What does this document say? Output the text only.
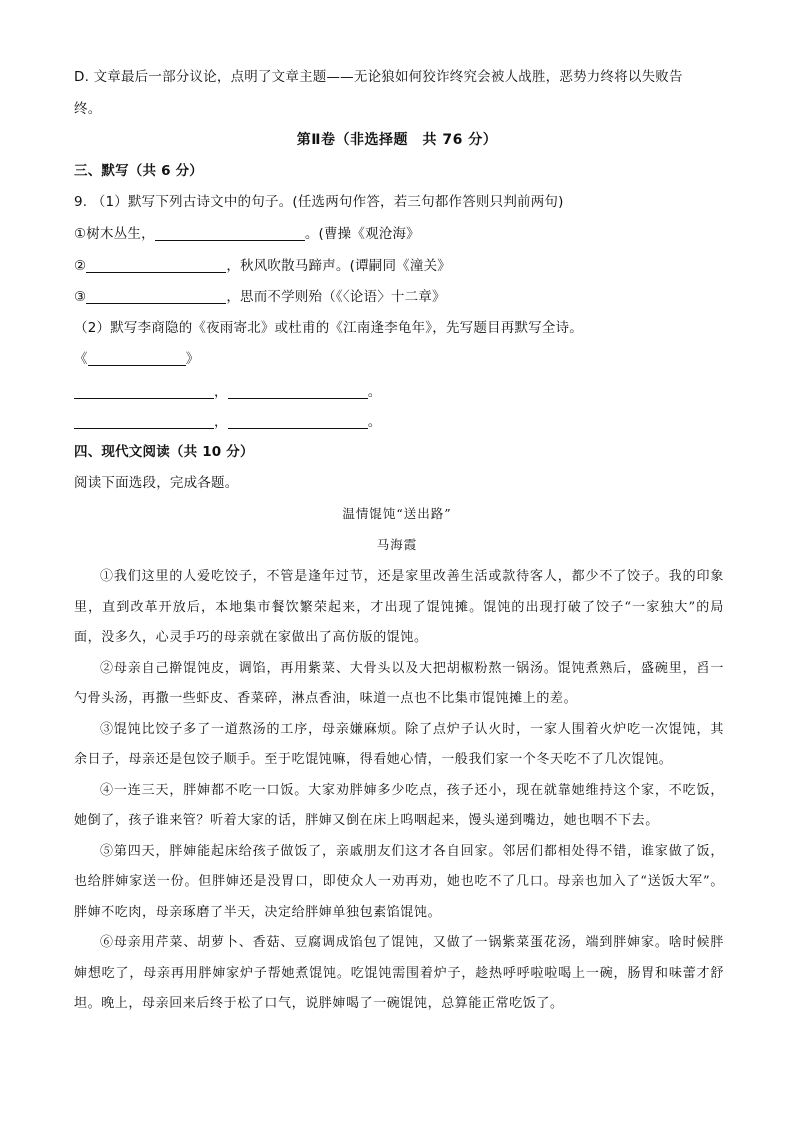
D. 文章最后一部分议论，点明了文章主题——无论狼如何狡诈终究会被人战胜，恶势力终将以失败告
终。
第Ⅱ卷（非选择题　共 76 分）
三、默写（共 6 分）
9. （1）默写下列古诗文中的句子。(任选两句作答，若三句都作答则只判前两句)
①树木丛生，	。(曹操《观沧海》
②	，秋风吹散马蹄声。(谭嗣同《潼关》
③	，思而不学则殆（《〈论语〉十二章》
（2）默写李商隐的《夜雨寄北》或杜甫的《江南逢李龟年》，先写题目再默写全诗。
《	》
，	。
，	。
四、现代文阅读（共 10 分）
阅读下面选段，完成各题。
温情馄饨“送出路”
马海霞

①我们这里的人爱吃饺子，不管是逢年过节，还是家里改善生活或款待客人，都少不了饺子。我的印象里，直到改革开放后，本地集市餐饮繁荣起来，才出现了馄饨摊。馄饨的出现打破了饺子“一家独大”的局面，没多久，心灵手巧的母亲就在家做出了高仿版的馄饨。

②母亲自己擀馄饨皮，调馅，再用紫菜、大骨头以及大把胡椒粉熬一锅汤。馄饨煮熟后，盛碗里，舀一勺骨头汤，再撒一些虾皮、香菜碎，淋点香油，味道一点也不比集市馄饨摊上的差。

③馄饨比饺子多了一道熬汤的工序，母亲嫌麻烦。除了点炉子认火时，一家人围着火炉吃一次馄饨，其余日子，母亲还是包饺子顺手。至于吃馄饨嘛，得看她心情，一般我们家一个冬天吃不了几次馄饨。

④一连三天，胖婶都不吃一口饭。大家劝胖婶多少吃点，孩子还小，现在就靠她维持这个家，不吃饭，她倒了，孩子谁来管？听着大家的话，胖婶又倒在床上呜咽起来，馒头递到嘴边，她也咽不下去。

⑤第四天，胖婶能起床给孩子做饭了，亲戚朋友们这才各自回家。邻居们都相处得不错，谁家做了饭，也给胖婶家送一份。但胖婶还是没胃口，即使众人一劝再劝，她也吃不了几口。母亲也加入了“送饭大军”。胖婶不吃肉，母亲琢磨了半天，决定给胖婶单独包素馅馄饨。

⑥母亲用芹菜、胡萝卜、香菇、豆腐调成馅包了馄饨，又做了一锅紫菜蛋花汤，端到胖婶家。啥时候胖婶想吃了，母亲再用胖婶家炉子帮她煮馄饨。吃馄饨需围着炉子，趁热呼呼啦啦喝上一碗，肠胃和味蕾才舒坦。晚上，母亲回来后终于松了口气，说胖婶喝了一碗馄饨，总算能正常吃饭了。
